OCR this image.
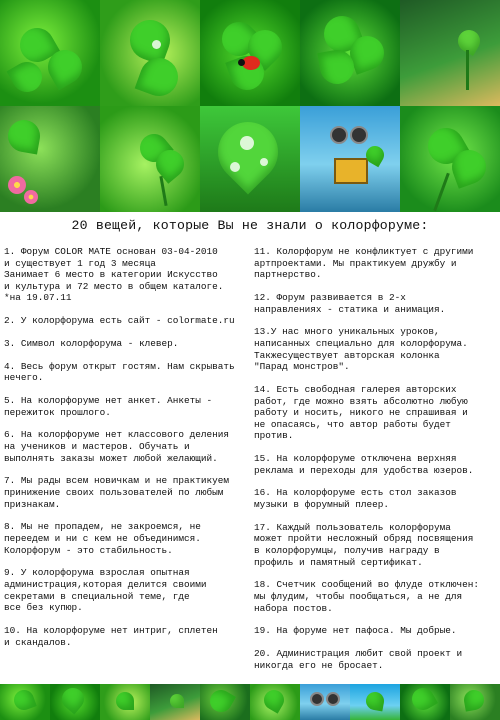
20 вещей, которые Вы не знали о колорфоруме:

1. Форум COLOR MATE основан 03-04-2010
и существует 1 год 3 месяца
Занимает 6 место в категории Искусство
и культура и 72 место в общем каталоге.
*на 19.07.11

2. У колорфорума есть сайт - colormate.ru

3. Символ колорфорума - клевер.

4. Весь форум открыт гостям. Нам скрывать
нечего.

5. На колорфоруме нет анкет. Анкеты -
пережиток прошлого.

6. На колорфоруме нет классового деления
на учеников и мастеров. Обучать и
выполнять заказы может любой желающий.

7. Мы рады всем новичкам и не практикуем
принижение своих пользователей по любым
признакам.

8. Мы не пропадем, не закроемся, не
переедем и ни с кем не объединимся.
Колорфорум - это стабильность.

9. У колорфорума взрослая опытная
администрация,которая делится своими
секретами в специальной теме, где
все без купюр.

10. На колорфоруме нет интриг, сплетен
и скандалов.

11. Колорфорум не конфликтует с другими
артпроектами. Мы практикуем дружбу и
партнерство.

12. Форум развивается в 2-х
направлениях - статика и анимация.

13.У нас много уникальных уроков,
написанных специально для колорфорума.
Такжесуществует авторская колонка
"Парад монстров".

14. Есть свободная галерея авторских
работ, где можно взять абсолютно любую
работу и носить, никого не спрашивая и
не опасаясь, что автор работы будет
против.

15. На колорфоруме отключена верхняя
реклама и переходы для удобства юзеров.

16. На колорфоруме есть стол заказов
музыки в форумный плеер.

17. Каждый пользователь колорфорума
может пройти несложный обряд посвящения
в колорфорумцы, получив награду в
профиль и памятный сертификат.

18. Счетчик сообщений во флуде отключен:
мы флудим, чтобы пообщаться, а не для
набора постов.

19. На форуме нет пафоса. Мы добрые.

20. Администрация любит свой проект и
никогда его не бросает.
